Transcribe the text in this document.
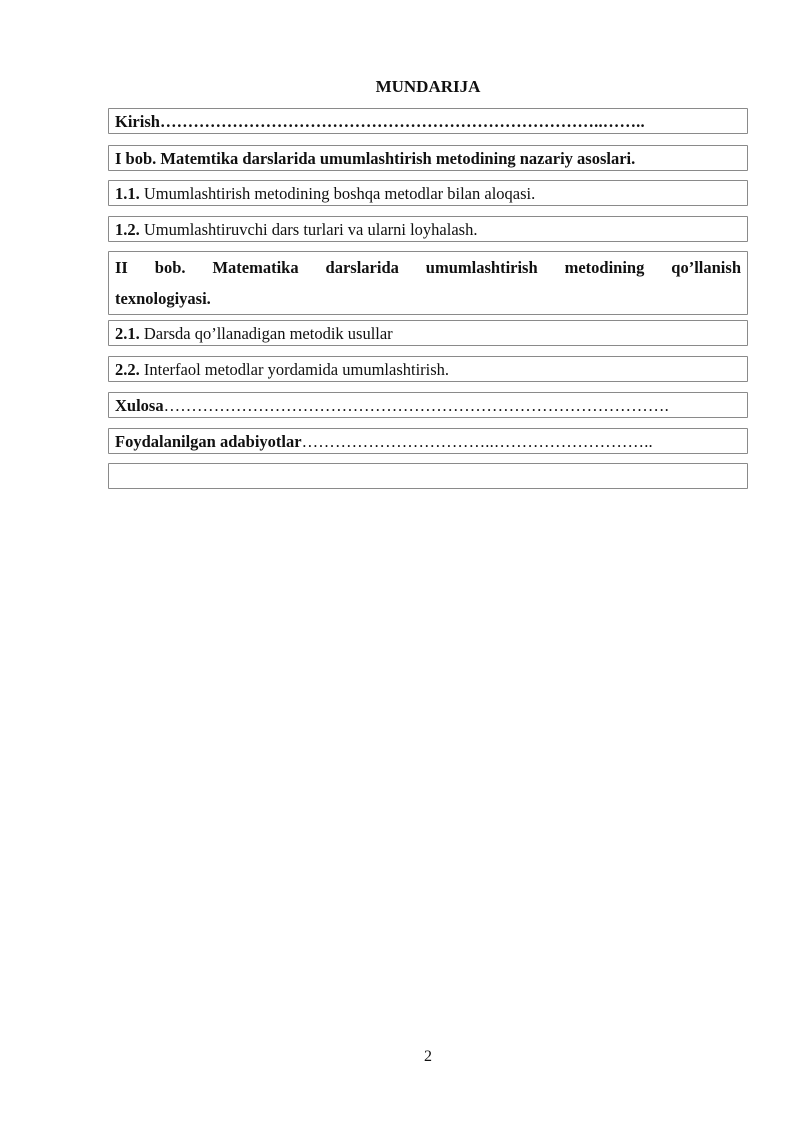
MUNDARIJA
Kirish……………………………………………………………………..……..
I bob. Matemtika darslarida umumlashtirish metodining nazariy asoslari.
1.1. Umumlashtirish metodining boshqa metodlar bilan aloqasi.
1.2. Umumlashtiruvchi dars turlari va ularni loyhalash.
II bob. Matematika darslarida umumlashtirish metodining qo’llanish
texnologiyasi.
2.1. Darsda qo’llanadigan metodik usullar
2.2. Interfaol metodlar yordamida umumlashtirish.
Xulosa……………………………………………………………………………….
Foydalanilgan adabiyotlar……………………………..………………………..
2
